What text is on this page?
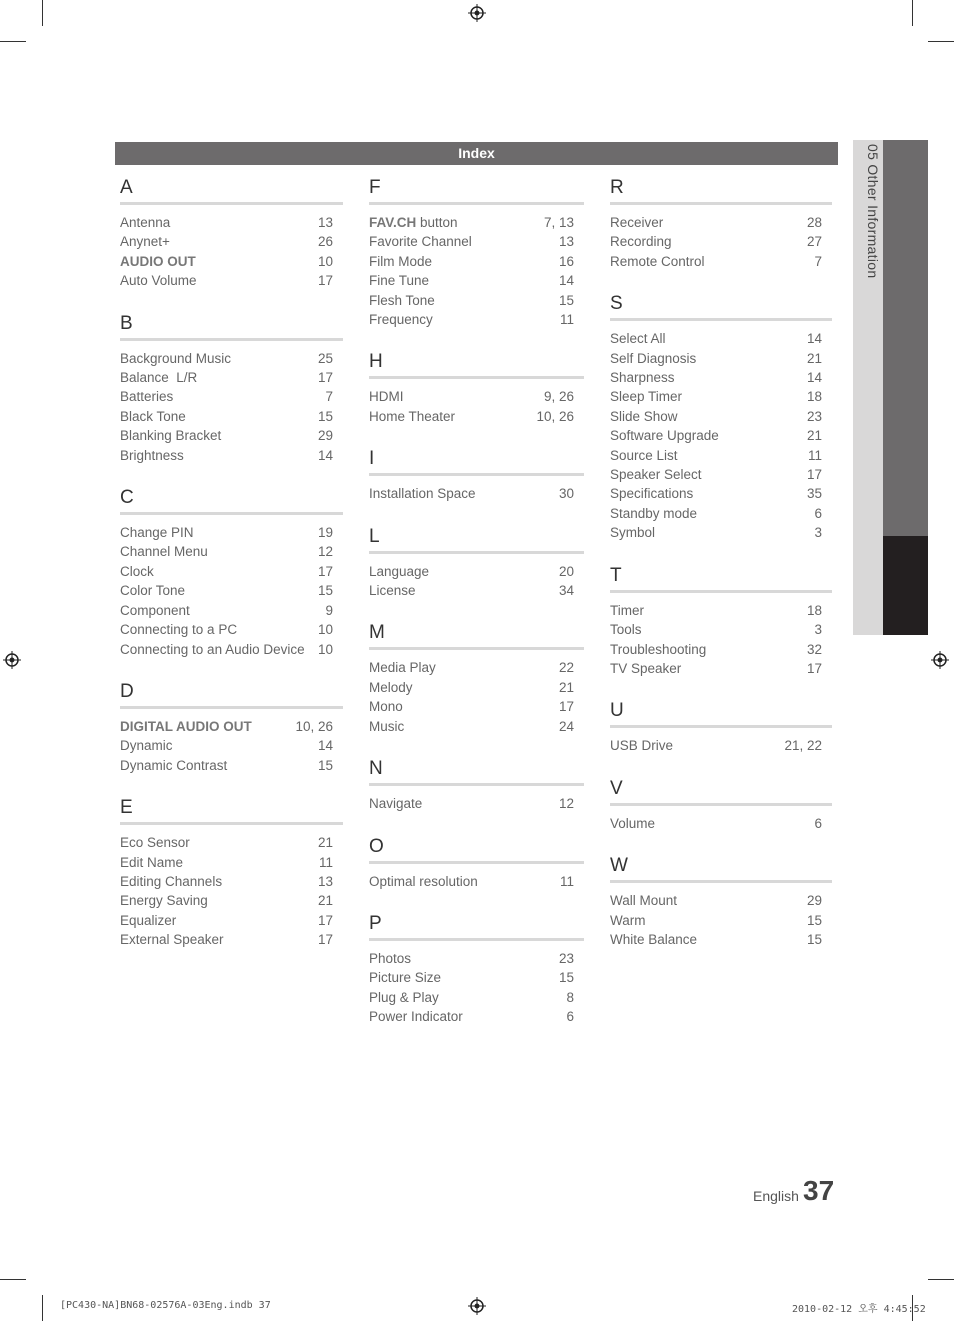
Index	05 Other Information
A
Antenna	13
Anynet+	26
AUDIO OUT	10
Auto Volume	17
B
Background Music	25
Balance  L/R	17
Batteries	7
Black Tone	15
Blanking Bracket	29
Brightness	14
C
Change PIN	19
Channel Menu	12
Clock	17
Color Tone	15
Component	9
Connecting to a PC	10
Connecting to an Audio Device 10
D
DIGITAL AUDIO OUT	10, 26
Dynamic	14
Dynamic Contrast	15
E
Eco Sensor	21
Edit Name	11
Editing Channels	13
Energy Saving	21
Equalizer	17
External Speaker	17
F
FAV.CH button	7, 13
Favorite Channel	13
Film Mode	16
Fine Tune	14
Flesh Tone	15
Frequency	11
H
HDMI	9, 26
Home Theater	10, 26
I
Installation Space	30
L
Language	20
License	34
M
Media Play	22
Melody	21
Mono	17
Music	24
N
Navigate	12
O
Optimal resolution	11
P
Photos	23
Picture Size	15
Plug & Play	8
Power Indicator	6
R
Receiver	28
Recording	27
Remote Control	7
S
Select All	14
Self Diagnosis	21
Sharpness	14
Sleep Timer	18
Slide Show	23
Software Upgrade	21
Source List	11
Speaker Select	17
Specifications	35
Standby mode	6
Symbol	3
T
Timer	18
Tools	3
Troubleshooting	32
TV Speaker	17
U
USB Drive	21, 22
V
Volume	6
W
Wall Mount	29
Warm	15
White Balance	15
English 37
[PC430-NA]BN68-02576A-03Eng.indb 37	2010-02-12 오후 4:45:52
